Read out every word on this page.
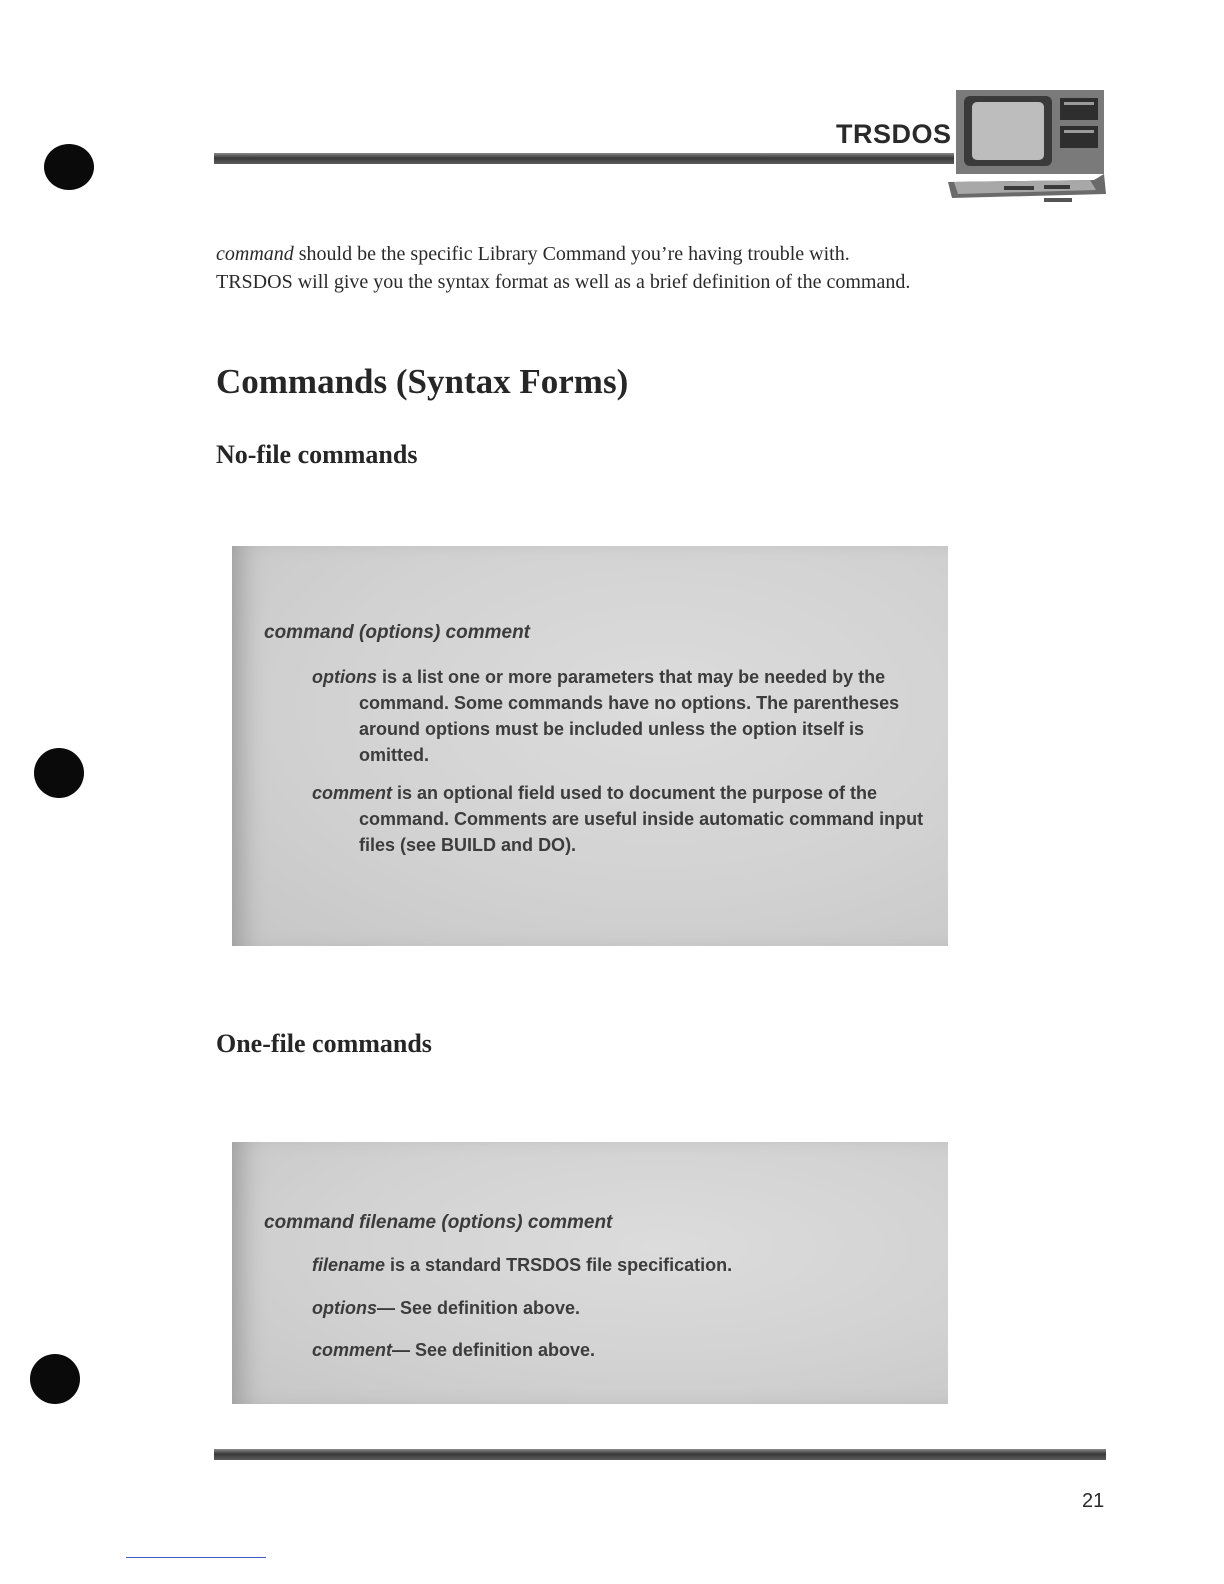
TRSDOS
command should be the specific Library Command you’re having trouble with.
TRSDOS will give you the syntax format as well as a brief definition of the command.
Commands (Syntax Forms)
No-file commands
command (options) comment
options is a list one or more parameters that may be needed by the command. Some commands have no options. The parentheses around options must be included unless the option itself is omitted.
comment is an optional field used to document the purpose of the command. Comments are useful inside automatic command input files (see BUILD and DO).
One-file commands
command filename (options) comment
filename is a standard TRSDOS file specification.
options— See definition above.
comment— See definition above.
21
